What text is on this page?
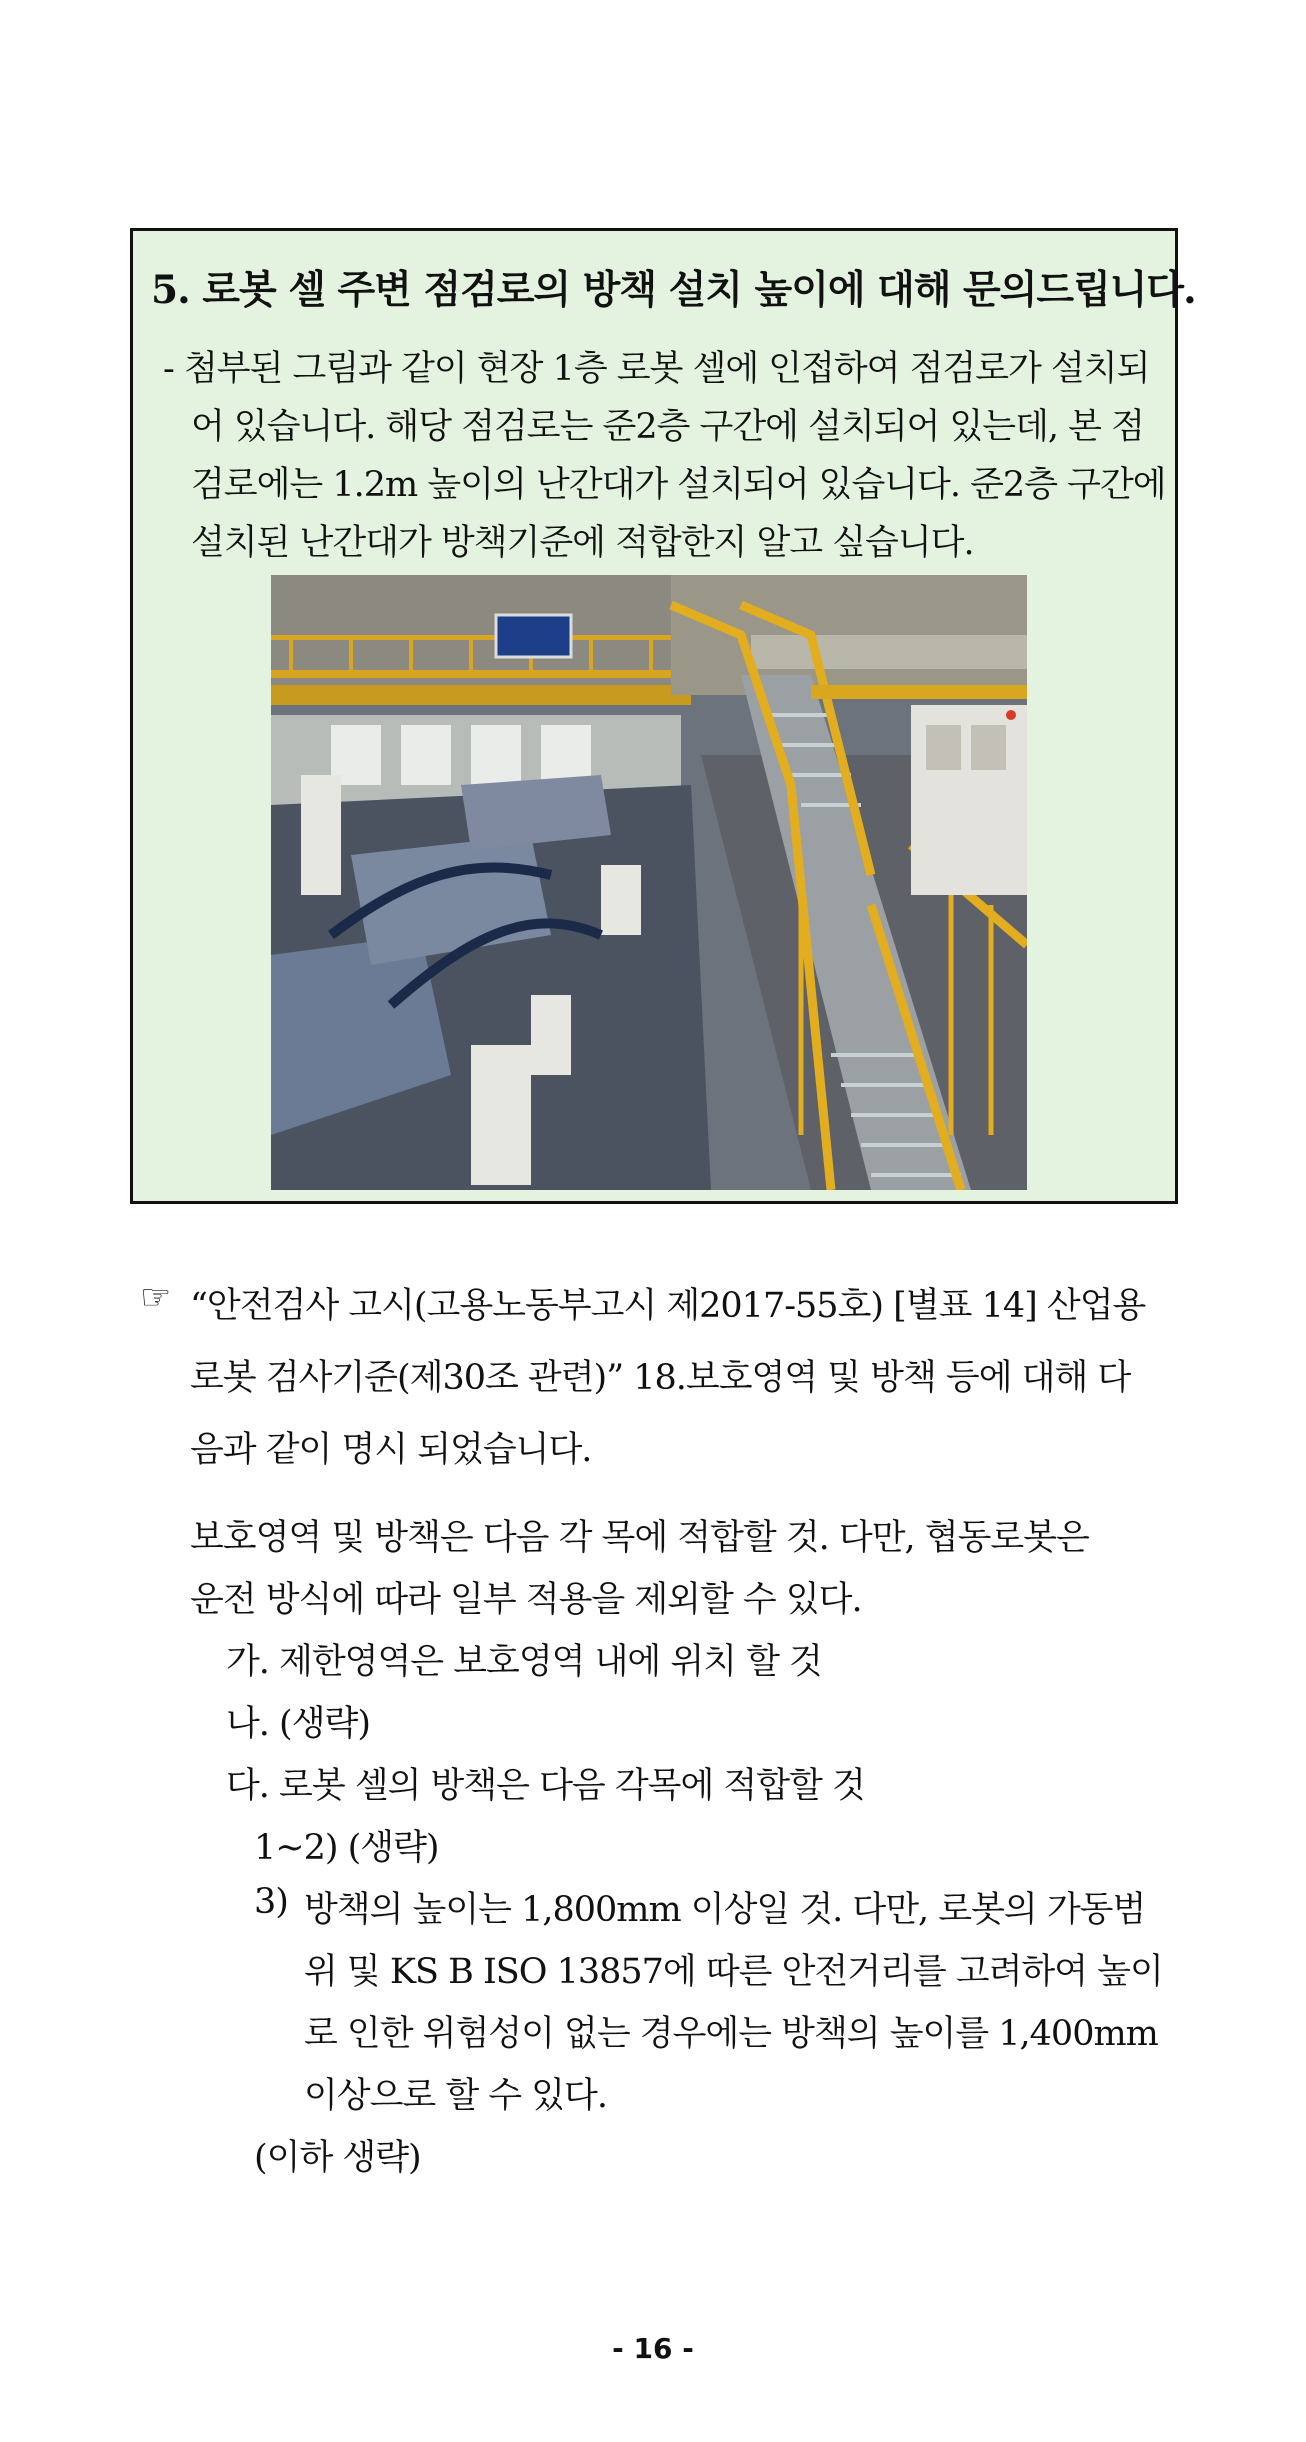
5. 로봇 셀 주변 점검로의 방책 설치 높이에 대해 문의드립니다.
- 첨부된 그림과 같이 현장 1층 로봇 셀에 인접하여 점검로가 설치되
어 있습니다. 해당 점검로는 준2층 구간에 설치되어 있는데, 본 점
검로에는 1.2m 높이의 난간대가 설치되어 있습니다. 준2층 구간에
설치된 난간대가 방책기준에 적합한지 알고 싶습니다.
☞ “안전검사 고시(고용노동부고시 제2017-55호) [별표 14] 산업용
로봇 검사기준(제30조 관련)” 18.보호영역 및 방책 등에 대해 다
음과 같이 명시 되었습니다.
보호영역 및 방책은 다음 각 목에 적합할 것. 다만, 협동로봇은
운전 방식에 따라 일부 적용을 제외할 수 있다.
가. 제한영역은 보호영역 내에 위치 할 것
나. (생략)
다. 로봇 셀의 방책은 다음 각목에 적합할 것
1~2) (생략)
3) 방책의 높이는 1,800mm 이상일 것. 다만, 로봇의 가동범
위 및 KS B ISO 13857에 따른 안전거리를 고려하여 높이
로 인한 위험성이 없는 경우에는 방책의 높이를 1,400mm
이상으로 할 수 있다.
(이하 생략)
- 16 -
